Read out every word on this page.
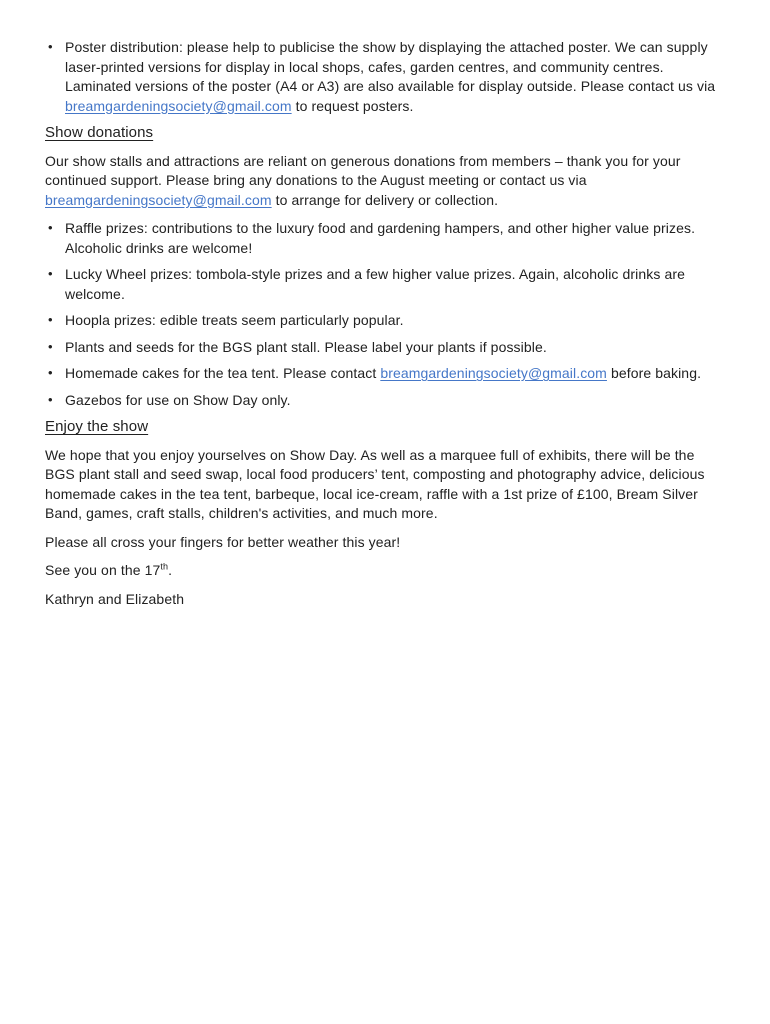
• Poster distribution: please help to publicise the show by displaying the attached poster. We can supply laser-printed versions for display in local shops, cafes, garden centres, and community centres. Laminated versions of the poster (A4 or A3) are also available for display outside. Please contact us via breamgardeningsociety@gmail.com to request posters.
Show donations

Our show stalls and attractions are reliant on generous donations from members – thank you for your continued support. Please bring any donations to the August meeting or contact us via breamgardeningsociety@gmail.com to arrange for delivery or collection.

• Raffle prizes: contributions to the luxury food and gardening hampers, and other higher value prizes. Alcoholic drinks are welcome!
• Lucky Wheel prizes: tombola-style prizes and a few higher value prizes. Again, alcoholic drinks are welcome.
• Hoopla prizes: edible treats seem particularly popular.
• Plants and seeds for the BGS plant stall. Please label your plants if possible.
• Homemade cakes for the tea tent. Please contact breamgardeningsociety@gmail.com before baking.
• Gazebos for use on Show Day only.
Enjoy the show

We hope that you enjoy yourselves on Show Day. As well as a marquee full of exhibits, there will be the BGS plant stall and seed swap, local food producers’ tent, composting and photography advice, delicious homemade cakes in the tea tent, barbeque, local ice-cream, raffle with a 1st prize of £100, Bream Silver Band, games, craft stalls, children's activities, and much more.

Please all cross your fingers for better weather this year!

See you on the 17th.

Kathryn and Elizabeth
